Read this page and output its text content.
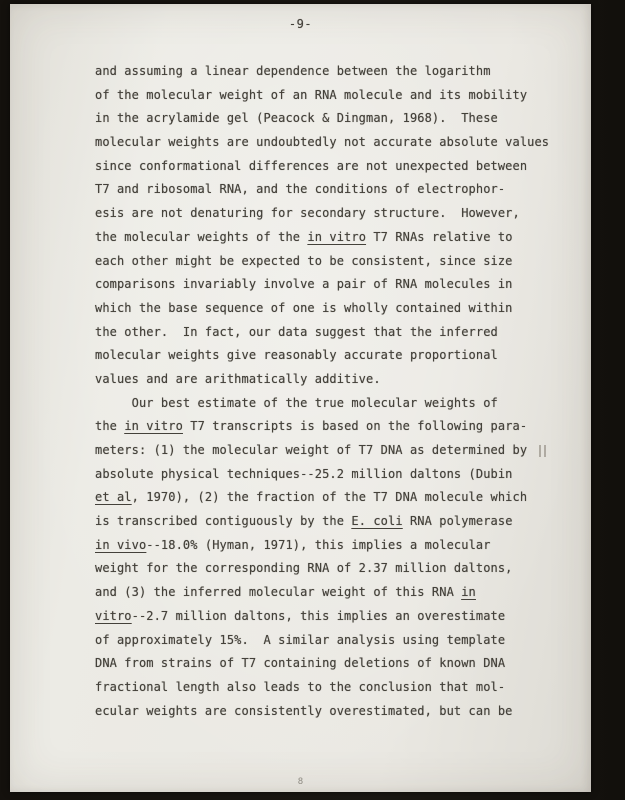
-9-
and assuming a linear dependence between the logarithm
of the molecular weight of an RNA molecule and its mobility
in the acrylamide gel (Peacock & Dingman, 1968).  These
molecular weights are undoubtedly not accurate absolute values
since conformational differences are not unexpected between
T7 and ribosomal RNA, and the conditions of electrophor-
esis are not denaturing for secondary structure.  However,
the molecular weights of the in vitro T7 RNAs relative to
each other might be expected to be consistent, since size
comparisons invariably involve a pair of RNA molecules in
which the base sequence of one is wholly contained within
the other.  In fact, our data suggest that the inferred
molecular weights give reasonably accurate proportional
values and are arithmatically additive.
Our best estimate of the true molecular weights of
the in vitro T7 transcripts is based on the following para-
meters: (1) the molecular weight of T7 DNA as determined by
absolute physical techniques--25.2 million daltons (Dubin
et al, 1970), (2) the fraction of the T7 DNA molecule which
is transcribed contiguously by the E. coli RNA polymerase
in vivo--18.0% (Hyman, 1971), this implies a molecular
weight for the corresponding RNA of 2.37 million daltons,
and (3) the inferred molecular weight of this RNA in
vitro--2.7 million daltons, this implies an overestimate
of approximately 15%.  A similar analysis using template
DNA from strains of T7 containing deletions of known DNA
fractional length also leads to the conclusion that mol-
ecular weights are consistently overestimated, but can be
8
